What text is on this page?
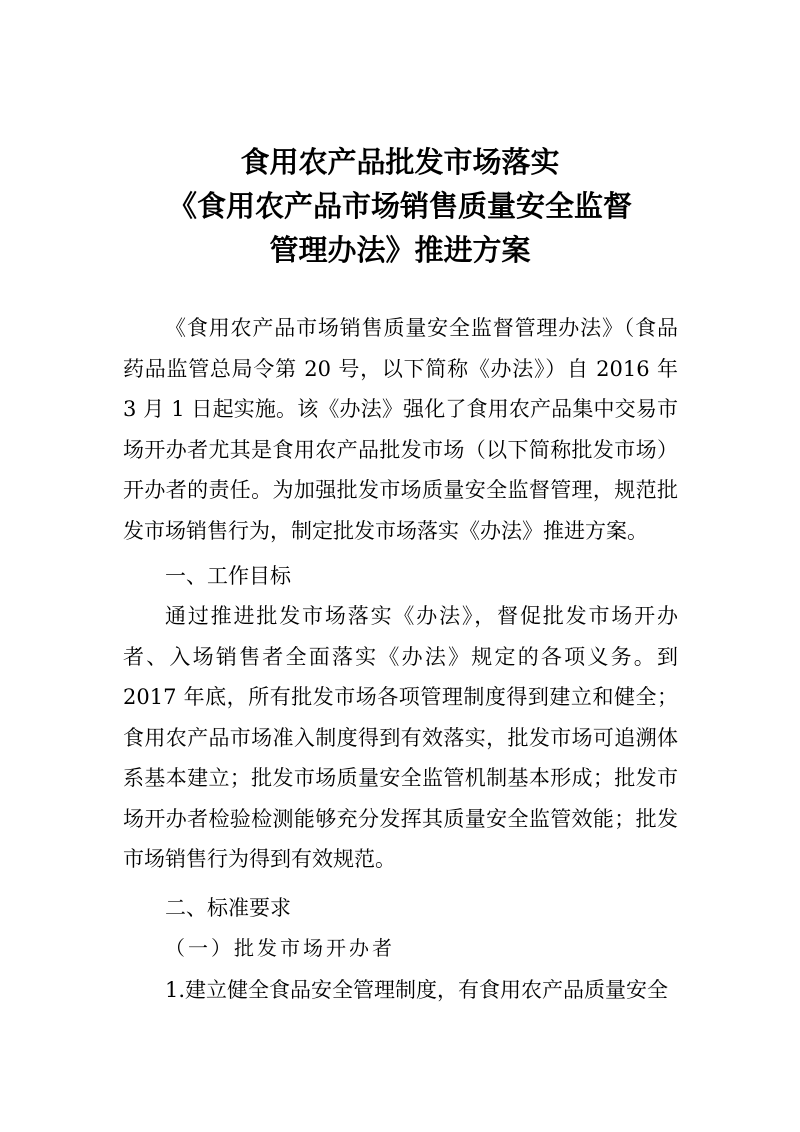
食用农产品批发市场落实
《食用农产品市场销售质量安全监督
管理办法》推进方案

《食用农产品市场销售质量安全监督管理办法》（食品药品监管总局令第 20 号，以下简称《办法》）自 2016 年 3 月 1 日起实施。该《办法》强化了食用农产品集中交易市场开办者尤其是食用农产品批发市场（以下简称批发市场）开办者的责任。为加强批发市场质量安全监督管理，规范批发市场销售行为，制定批发市场落实《办法》推进方案。

一、工作目标

通过推进批发市场落实《办法》，督促批发市场开办者、入场销售者全面落实《办法》规定的各项义务。到 2017 年底，所有批发市场各项管理制度得到建立和健全；食用农产品市场准入制度得到有效落实，批发市场可追溯体系基本建立；批发市场质量安全监管机制基本形成；批发市场开办者检验检测能够充分发挥其质量安全监管效能；批发市场销售行为得到有效规范。

二、标准要求

（一）批发市场开办者

1.建立健全食品安全管理制度，有食用农产品质量安全
